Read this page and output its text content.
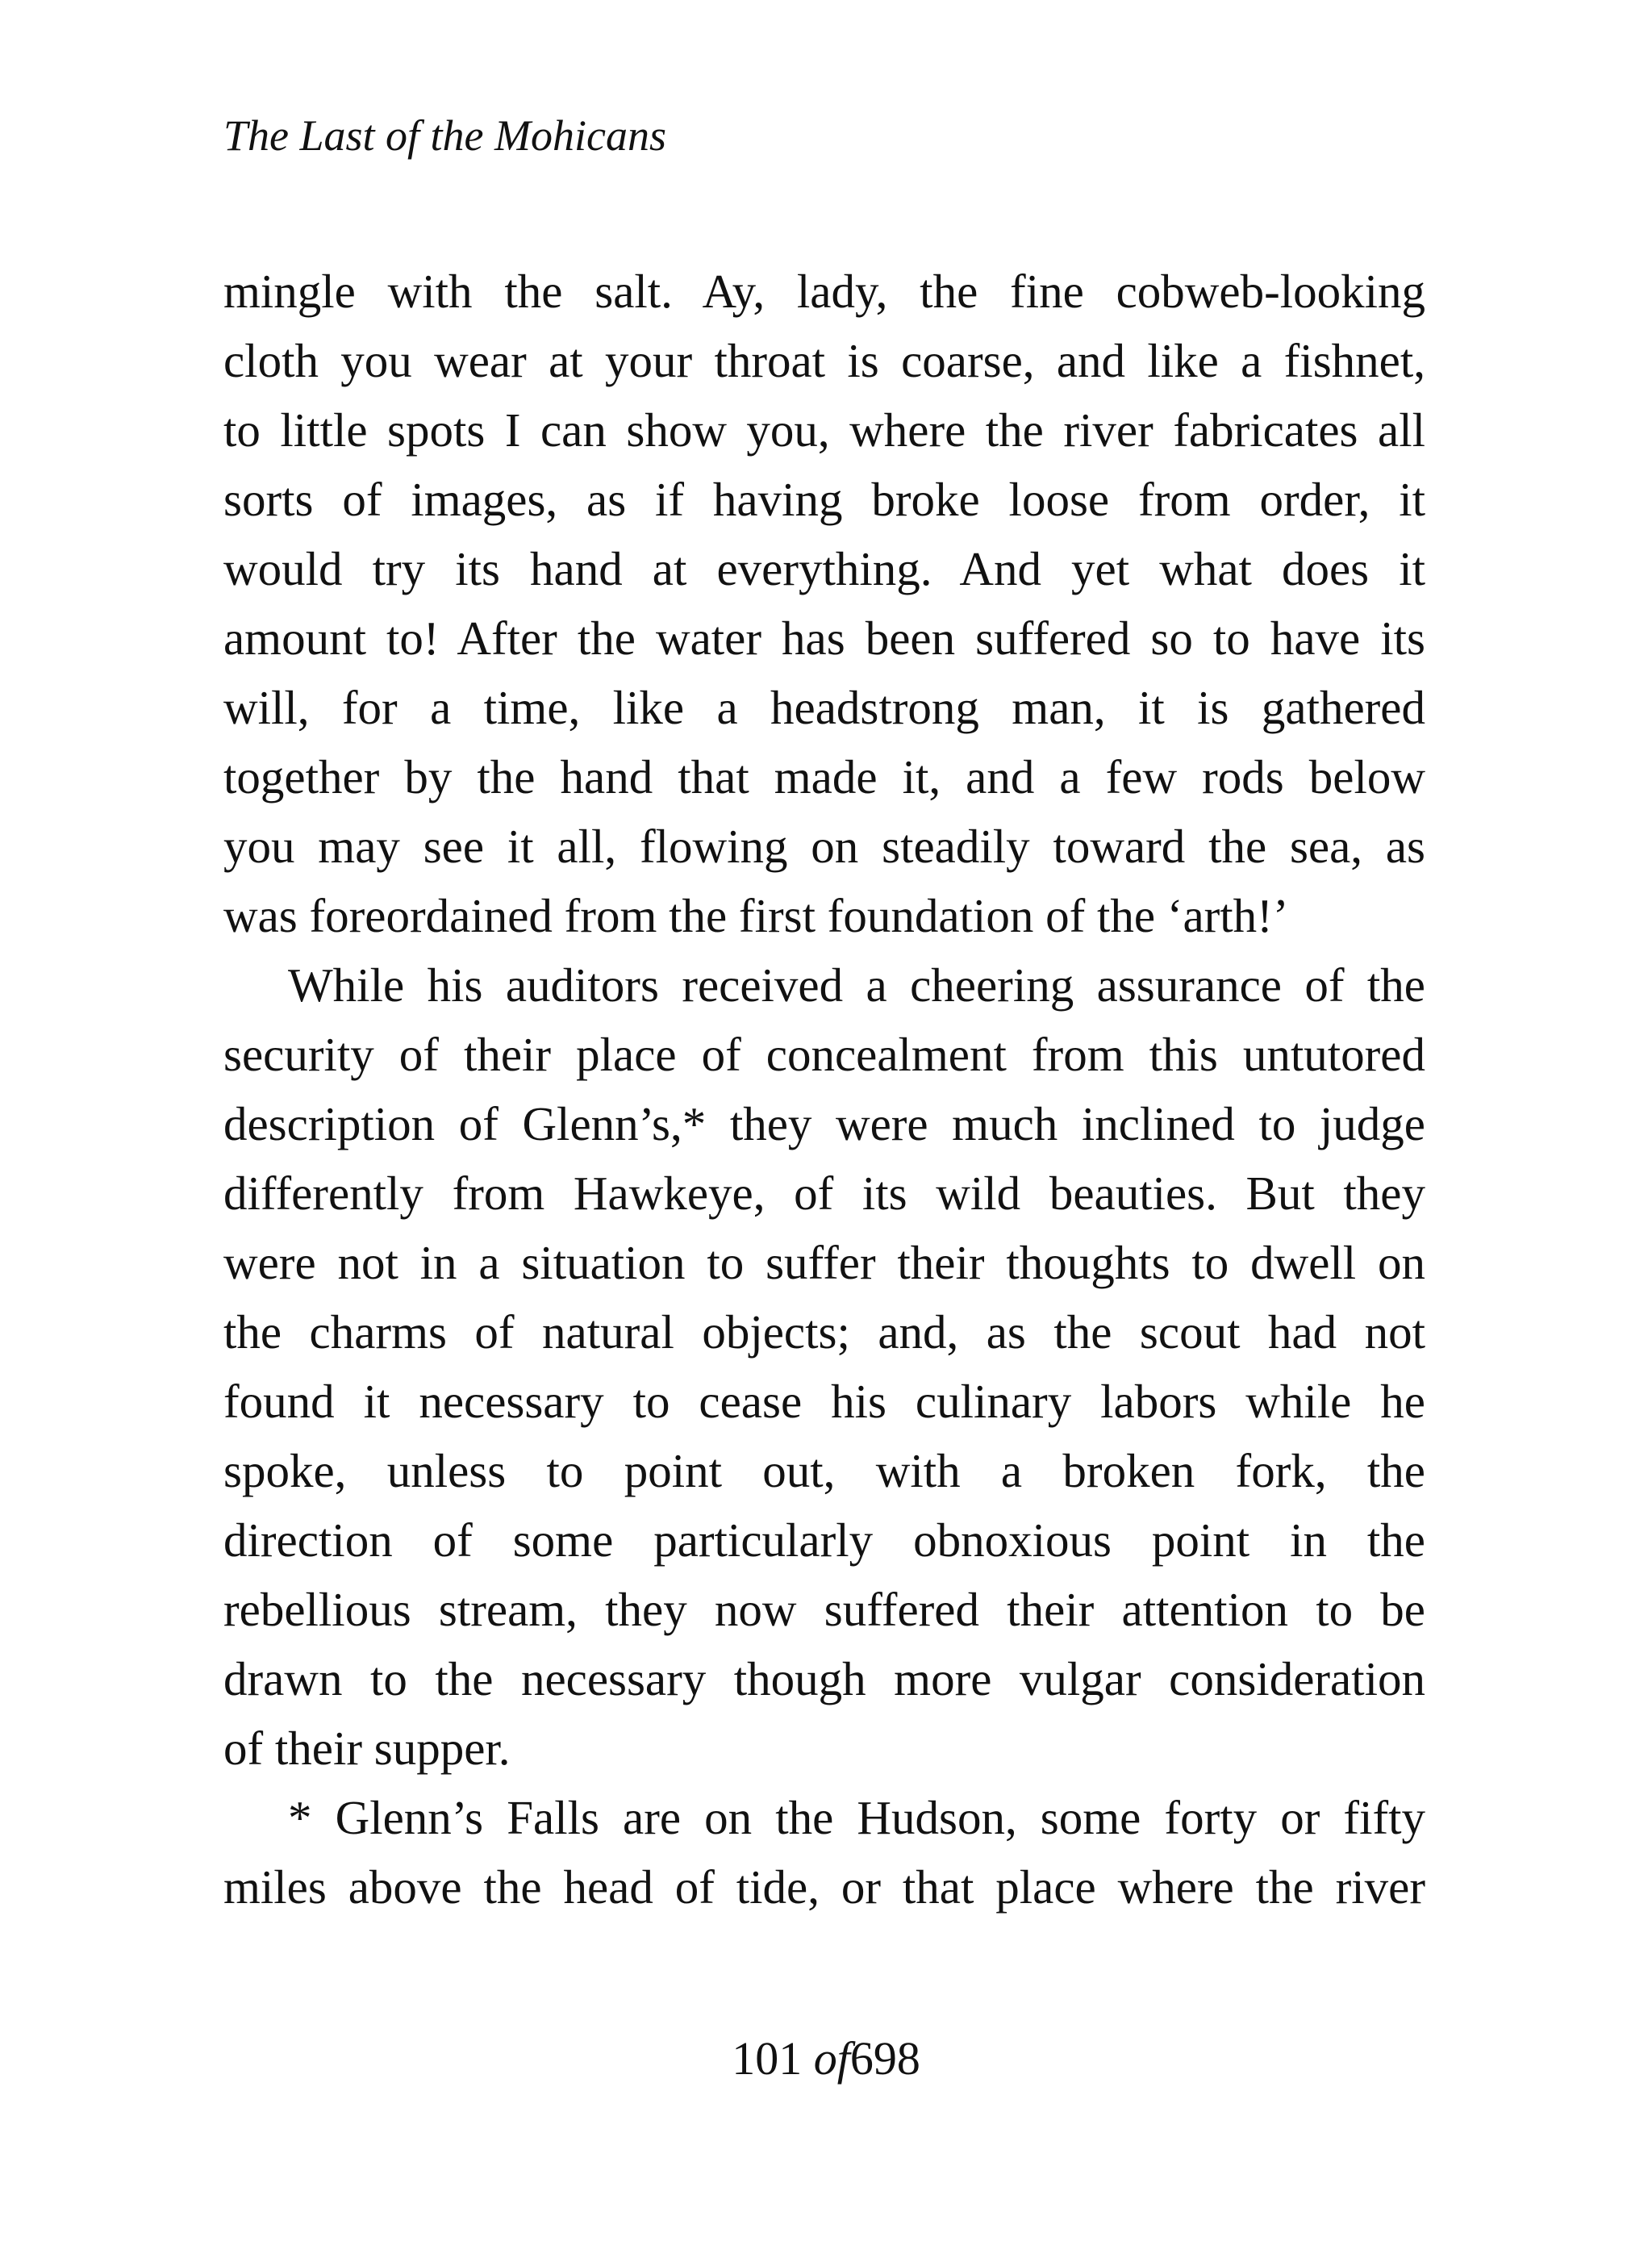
The Last of the Mohicans
mingle with the salt. Ay, lady, the fine cobweb-looking
cloth you wear at your throat is coarse, and like a fishnet,
to little spots I can show you, where the river fabricates all
sorts of images, as if having broke loose from order, it
would try its hand at everything. And yet what does it
amount to! After the water has been suffered so to have its
will, for a time, like a headstrong man, it is gathered
together by the hand that made it, and a few rods below
you may see it all, flowing on steadily toward the sea, as
was foreordained from the first foundation of the ‘arth!’
While his auditors received a cheering assurance of the
security of their place of concealment from this untutored
description of Glenn’s,* they were much inclined to judge
differently from Hawkeye, of its wild beauties. But they
were not in a situation to suffer their thoughts to dwell on
the charms of natural objects; and, as the scout had not
found it necessary to cease his culinary labors while he
spoke, unless to point out, with a broken fork, the
direction of some particularly obnoxious point in the
rebellious stream, they now suffered their attention to be
drawn to the necessary though more vulgar consideration
of their supper.
* Glenn’s Falls are on the Hudson, some forty or fifty
miles above the head of tide, or that place where the river
101 of698
